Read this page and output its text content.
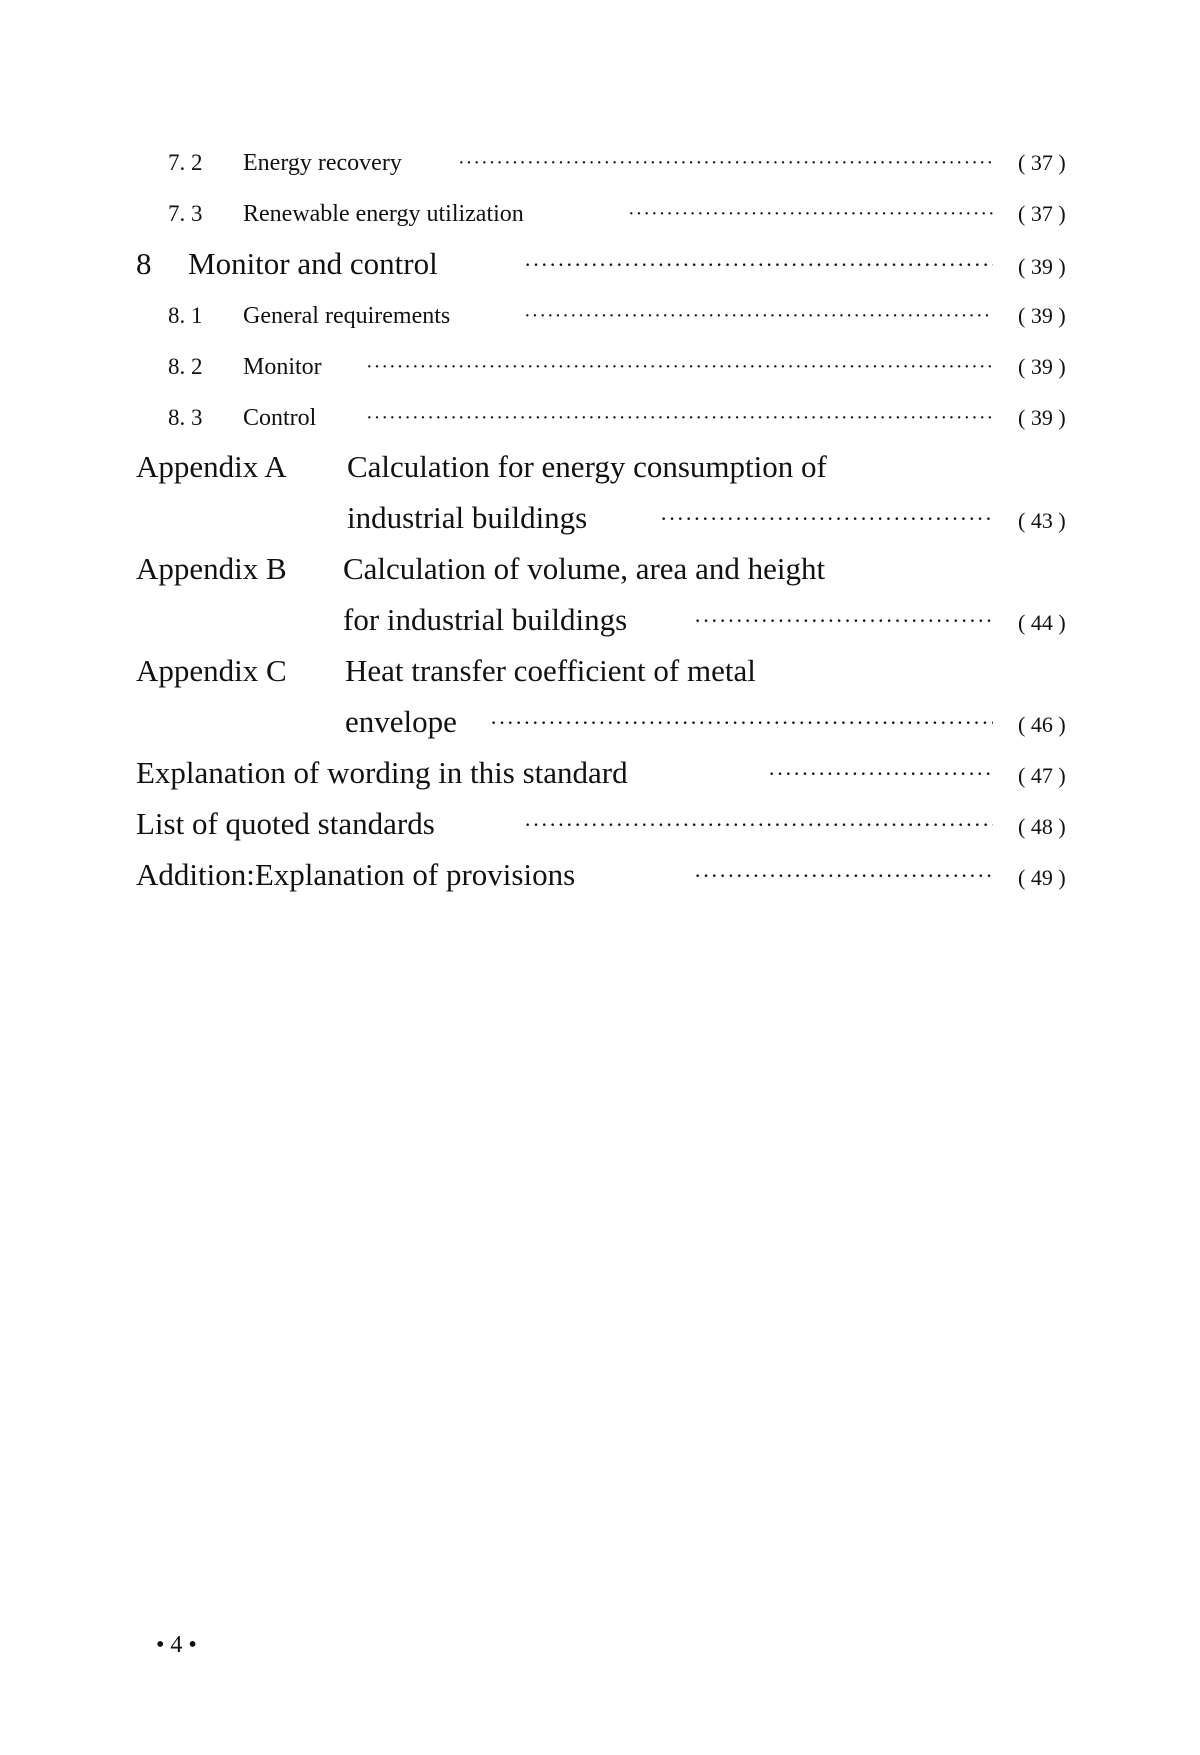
7. 2 Energy recovery ·····	( 37 )
7. 3 Renewable energy utilization ·····	( 37 )
8 Monitor and control ·····	( 39 )
8. 1 General requirements ·····	( 39 )
8. 2 Monitor ·····	( 39 )
8. 3 Control ·····	( 39 )
Appendix A Calculation for energy consumption of
industrial buildings ·····	( 43 )
Appendix B Calculation of volume, area and height
for industrial buildings ·····	( 44 )
Appendix C Heat transfer coefficient of metal
envelope ·····	( 46 )
Explanation of wording in this standard ·····	( 47 )
List of quoted standards ·····	( 48 )
Addition:Explanation of provisions ·····	( 49 )
• 4 •
